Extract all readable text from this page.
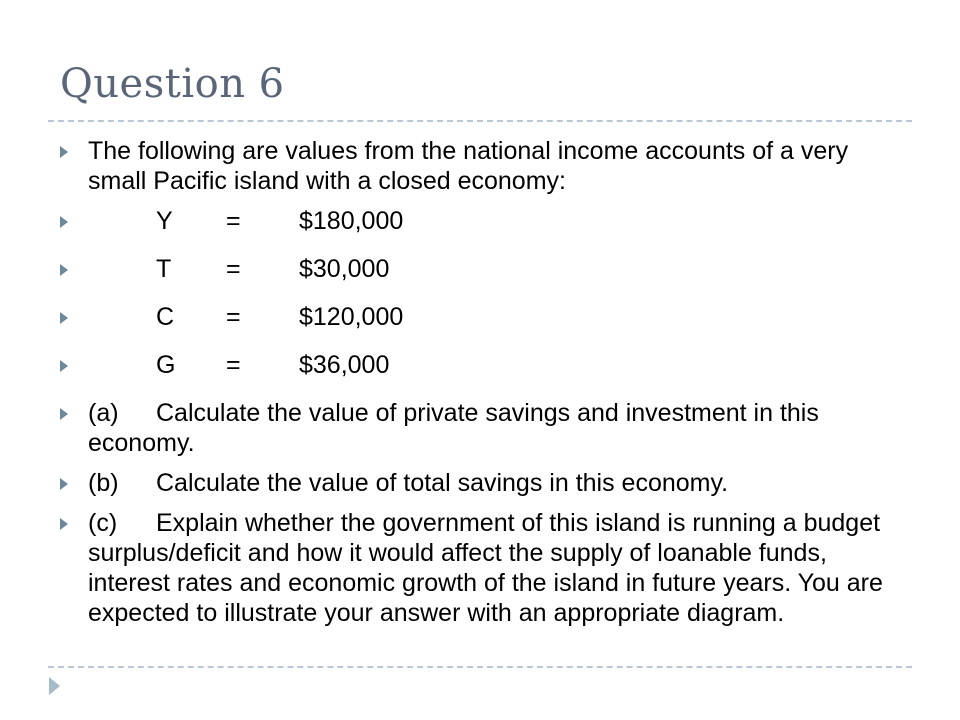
Question 6
The following are values from the national income accounts of a very small Pacific island with a closed economy:
Y	=	$180,000
T	=	$30,000
C	=	$120,000
G	=	$36,000
(a) Calculate the value of private savings and investment in this economy.
(b) Calculate the value of total savings in this economy.
(c) Explain whether the government of this island is running a budget surplus/deficit and how it would affect the supply of loanable funds, interest rates and economic growth of the island in future years. You are expected to illustrate your answer with an appropriate diagram.
